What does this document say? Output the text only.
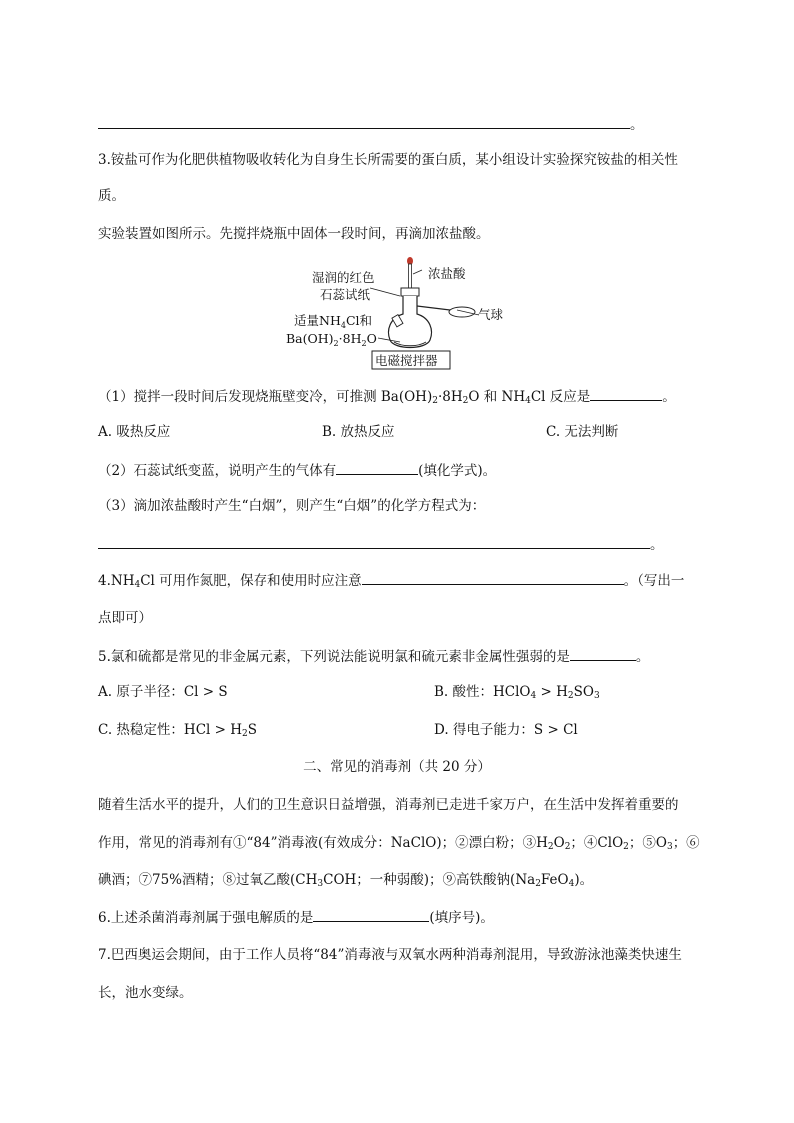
。
3.铵盐可作为化肥供植物吸收转化为自身生长所需要的蛋白质，某小组设计实验探究铵盐的相关性
质。
实验装置如图所示。先搅拌烧瓶中固体一段时间，再滴加浓盐酸。
湿润的红色
石蕊试纸
适量$NH_4Cl$和
$Ba(OH)_2\cdot 8H_2O$
浓盐酸
气球
电磁搅拌器
（1）搅拌一段时间后发现烧瓶壁变冷，可推测 $Ba(OH)_2\cdot 8H_2O$ 和 $NH_4Cl$ 反应是	。
A. 吸热反应	B. 放热反应	C. 无法判断
（2）石蕊试纸变蓝，说明产生的气体有	(填化学式)。
（3）滴加浓盐酸时产生“白烟”，则产生“白烟”的化学方程式为：
。
$4.NH_4Cl$ 可用作氮肥，保存和使用时应注意	。（写出一
点即可）
5.氯和硫都是常见的非金属元素，下列说法能说明氯和硫元素非金属性强弱的是	。
A. 原子半径：Cl > S	B. 酸性：HClO$_4$ > $H_2SO_3$
C. 热稳定性：HCl > $H_2S$	D. 得电子能力：S > Cl
二、常见的消毒剂（共 20 分）
随着生活水平的提升，人们的卫生意识日益增强，消毒剂已走进千家万户，在生活中发挥着重要的
作用，常见的消毒剂有①“84”消毒液(有效成分：NaClO)；②漂白粉；$③H_2O_2$；④ClO$_2$；$⑤O_3$；⑥
碘酒；⑦75%酒精；⑧过氧乙酸($CH_3COH$；一种弱酸)；⑨高铁酸钠$(Na_2FeO_4)$。
6.上述杀菌消毒剂属于强电解质的是	(填序号)。
7.巴西奥运会期间，由于工作人员将“84”消毒液与双氧水两种消毒剂混用，导致游泳池藻类快速生
长，池水变绿。
